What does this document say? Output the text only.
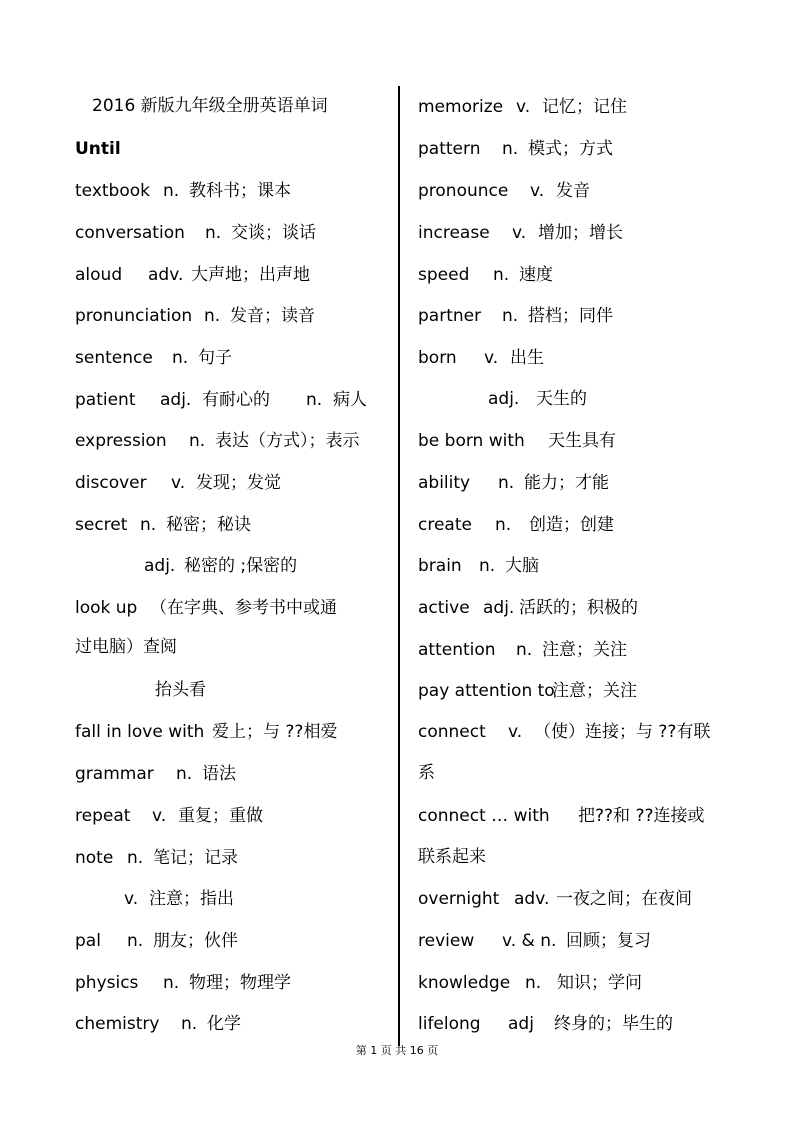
2016 新版九年级全册英语单词
Until
textbook n. 教科书；课本
conversation n. 交谈；谈话
aloud adv. 大声地；出声地
pronunciation n. 发音；读音
sentence n. 句子
patient adj. 有耐心的 n. 病人
expression n. 表达（方式）；表示
discover v. 发现；发觉
secret n. 秘密；秘诀
adj. 秘密的 ;保密的
look up （在字典、参考书中或通
过电脑）查阅
抬头看
fall in love with 爱上；与 ??相爱
grammar n. 语法
repeat v. 重复；重做
note n. 笔记；记录
v. 注意；指出
pal n. 朋友；伙伴
physics n. 物理；物理学
chemistry n. 化学
memorize v. 记忆；记住
pattern n. 模式；方式
pronounce v. 发音
increase v. 增加；增长
speed n. 速度
partner n. 搭档；同伴
born v. 出生
adj. 天生的
be born with 天生具有
ability n. 能力；才能
create n. 创造；创建
brain n. 大脑
active adj. 活跃的；积极的
attention n. 注意；关注
pay attention to
注意；关注
connect v. （使）连接；与 ??有联
系
connect … with 把??和 ??连接或
联系起来
overnight adv. 一夜之间；在夜间
review v. & n. 回顾；复习
knowledge n. 知识；学问
lifelong adj 终身的；毕生的
第 1 页 共 16 页
